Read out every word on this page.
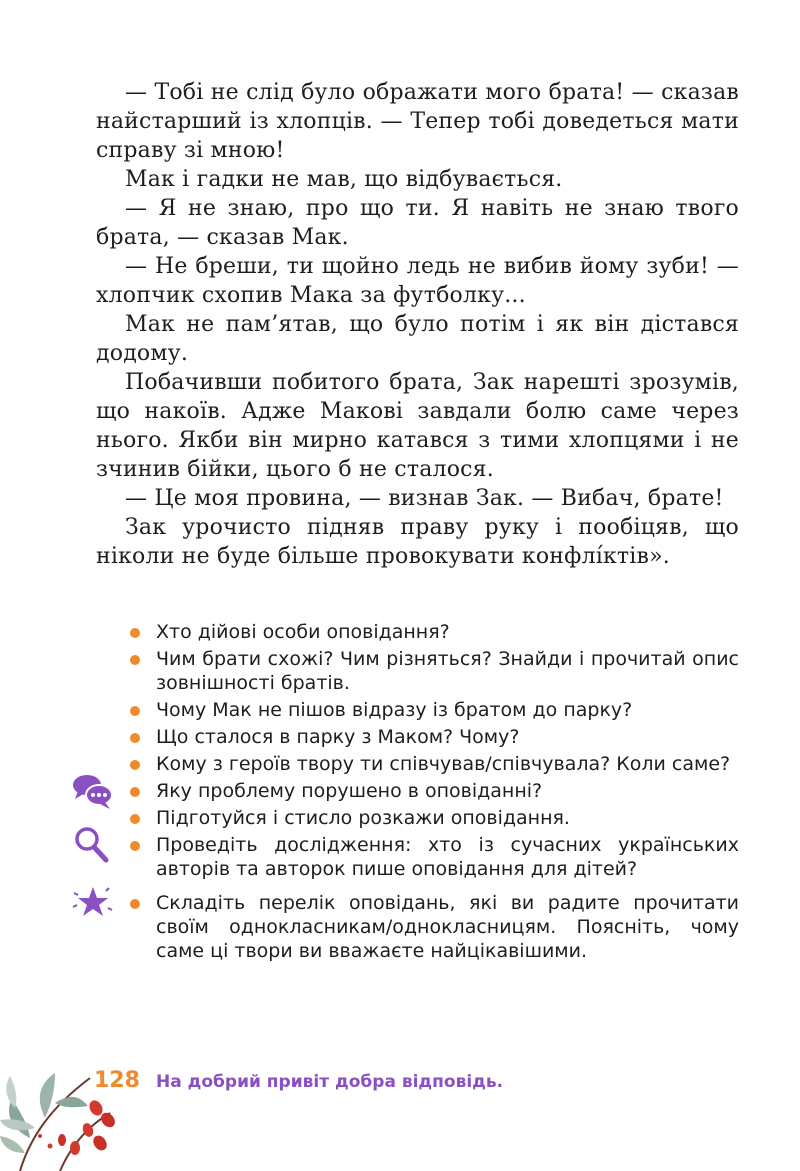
— Тобі не слід було ображати мого брата! — сказав найстарший із хлопців. — Тепер тобі доведеться мати справу зі мною!

Мак і гадки не мав, що відбувається.

— Я не знаю, про що ти. Я навіть не знаю твого брата, — сказав Мак.

— Не бреши, ти щойно ледь не вибив йому зуби! — хлопчик схопив Мака за футболку...

Мак не пам’ятав, що було потім і як він дістався додому.

Побачивши побитого брата, Зак нарешті зрозумів, що накоїв. Адже Макові завдали болю саме через нього. Якби він мирно катався з тими хлопцями і не зчинив бійки, цього б не сталося.

— Це моя провина, — визнав Зак. — Вибач, брате!

Зак урочисто підняв праву руку і пообіцяв, що ніколи не буде більше провокувати конфлі́ктів».

Хто дійові особи оповідання?
Чим брати схожі? Чим різняться? Знайди і прочитай опис зовнішності братів.
Чому Мак не пішов відразу із братом до парку?
Що сталося в парку з Маком? Чому?
Кому з героїв твору ти співчував/співчувала? Коли саме?
Яку проблему порушено в оповіданні?
Підготуйся і стисло розкажи оповідання.
Проведіть дослідження: хто із сучасних українських авторів та авторок пише оповідання для дітей?
Складіть перелік оповідань, які ви радите прочитати своїм однокласникам/однокласницям. Поясніть, чому саме ці твори ви вважаєте найцікавішими.
128 На добрий привіт добра відповідь.
